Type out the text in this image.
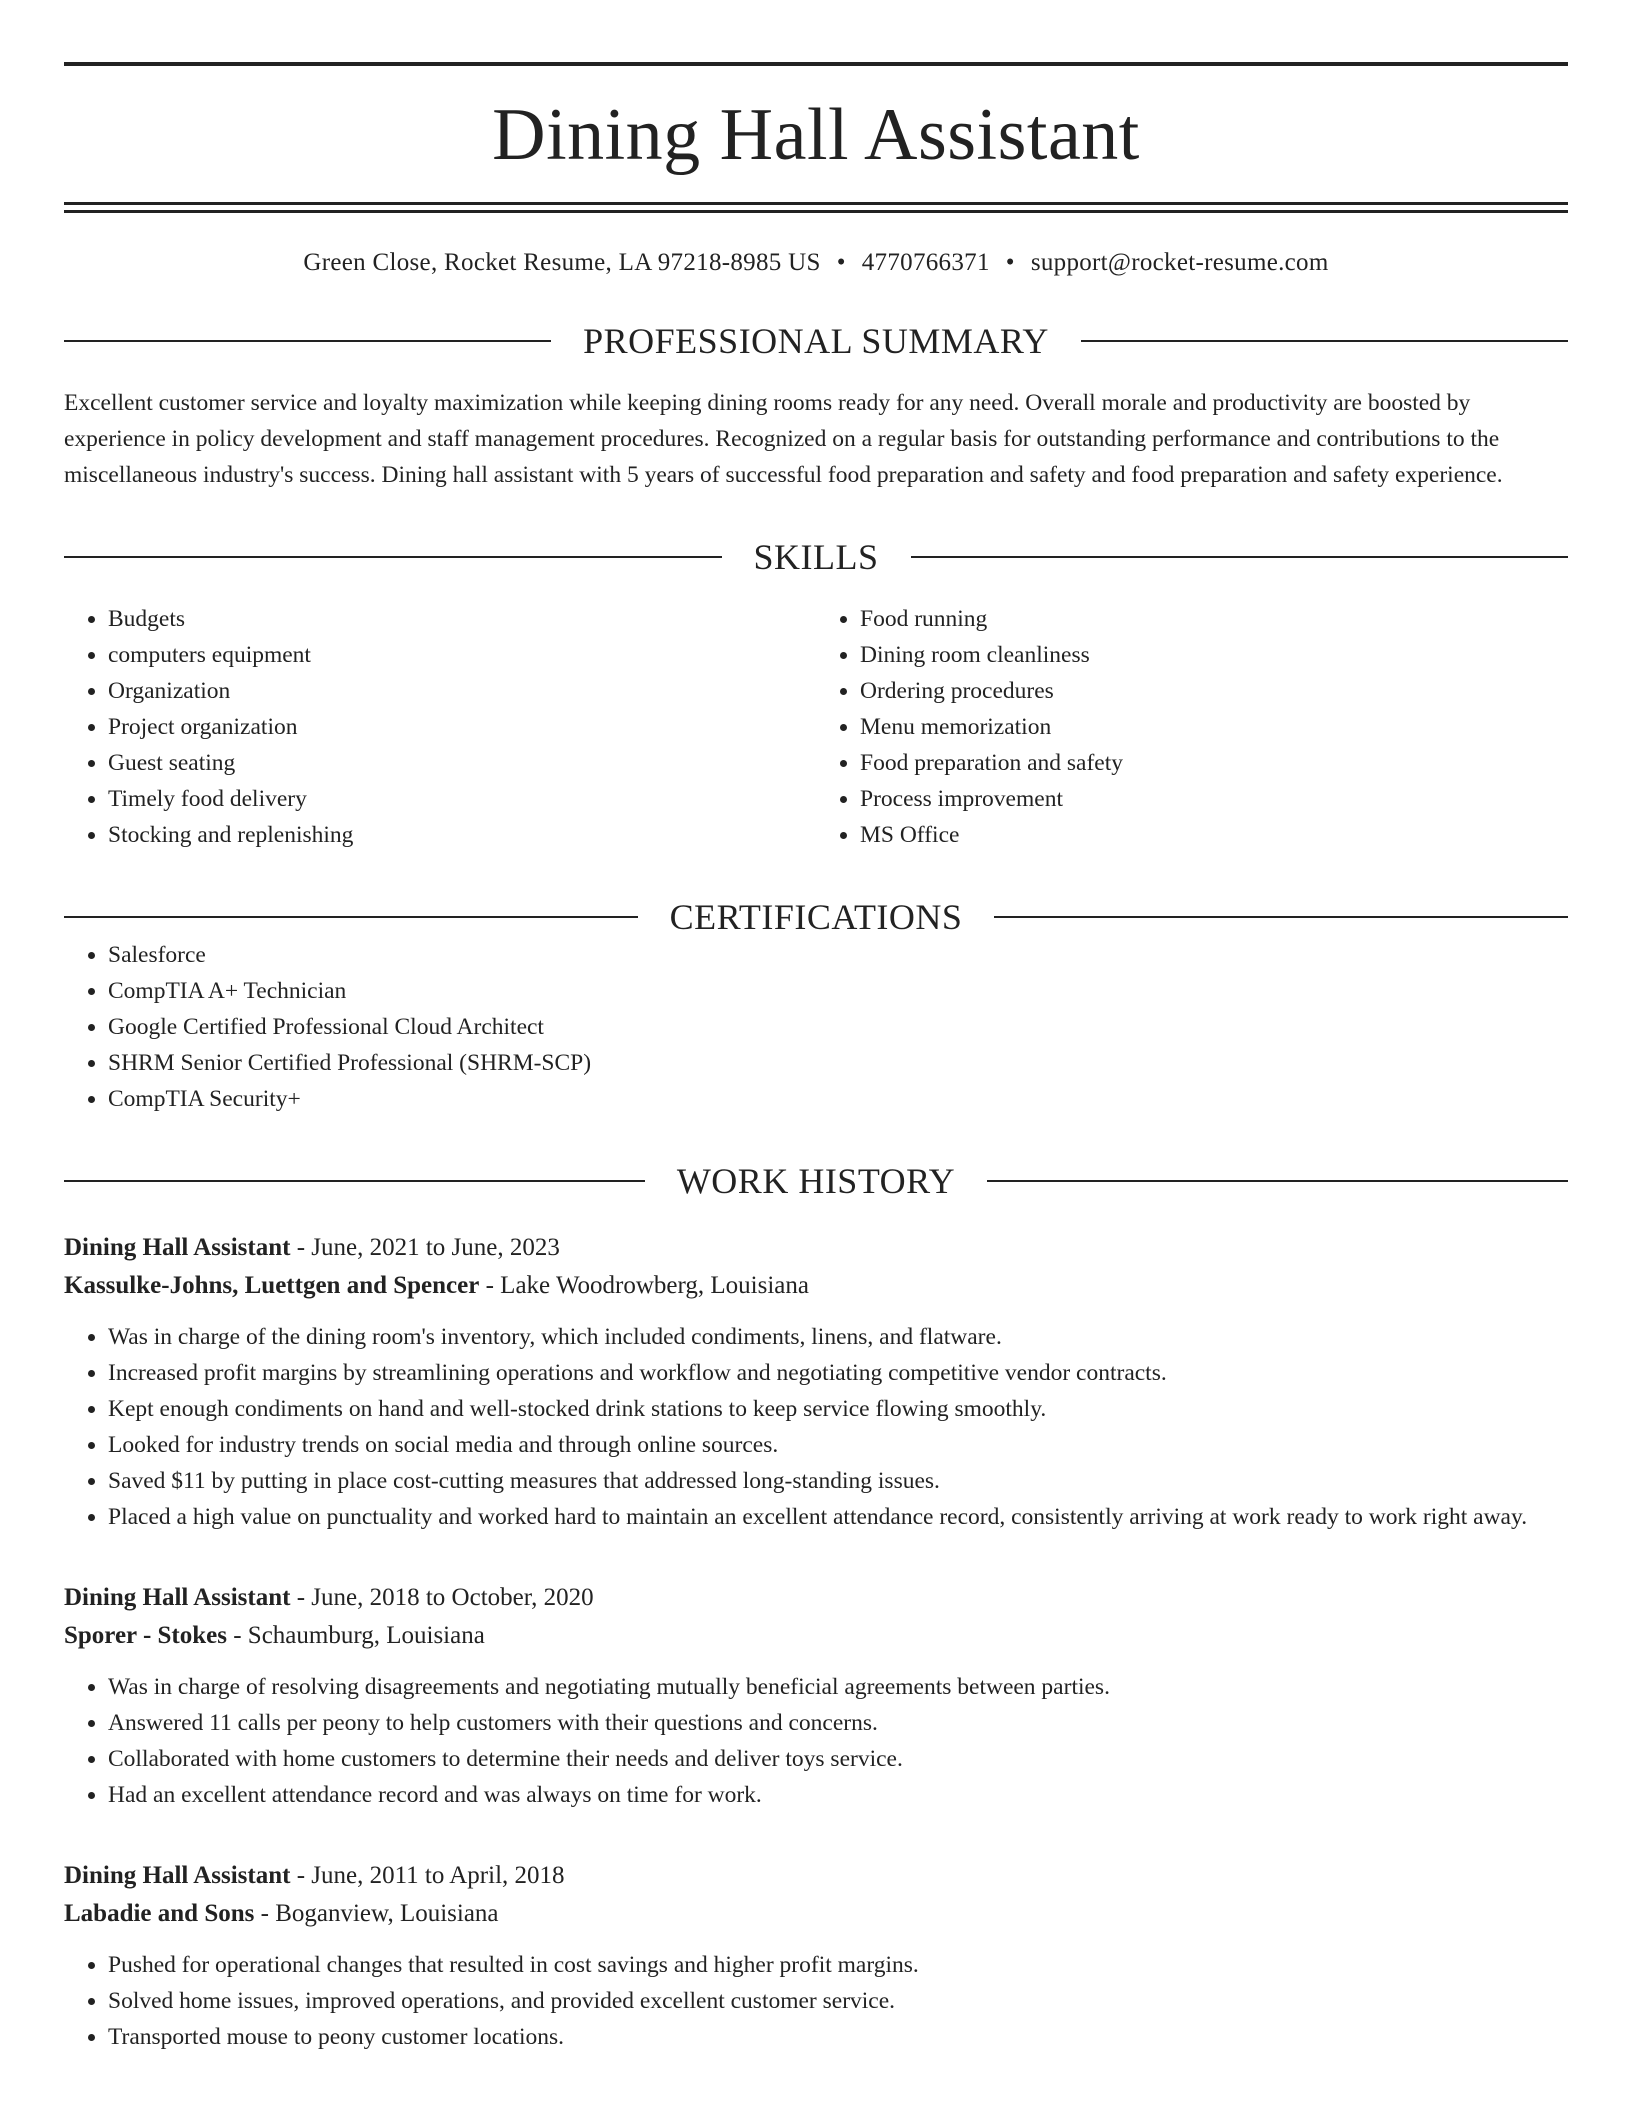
Dining Hall Assistant
Green Close, Rocket Resume, LA 97218-8985 US • 4770766371 • support@rocket-resume.com
PROFESSIONAL SUMMARY

Excellent customer service and loyalty maximization while keeping dining rooms ready for any need. Overall morale and productivity are boosted by experience in policy development and staff management procedures. Recognized on a regular basis for outstanding performance and contributions to the miscellaneous industry's success. Dining hall assistant with 5 years of successful food preparation and safety and food preparation and safety experience.

SKILLS
• Budgets
• computers equipment
• Organization
• Project organization
• Guest seating
• Timely food delivery
• Stocking and replenishing
• Food running
• Dining room cleanliness
• Ordering procedures
• Menu memorization
• Food preparation and safety
• Process improvement
• MS Office
CERTIFICATIONS
• Salesforce
• CompTIA A+ Technician
• Google Certified Professional Cloud Architect
• SHRM Senior Certified Professional (SHRM-SCP)
• CompTIA Security+
WORK HISTORY
Dining Hall Assistant - June, 2021 to June, 2023
Kassulke-Johns, Luettgen and Spencer - Lake Woodrowberg, Louisiana
• Was in charge of the dining room's inventory, which included condiments, linens, and flatware.
• Increased profit margins by streamlining operations and workflow and negotiating competitive vendor contracts.
• Kept enough condiments on hand and well-stocked drink stations to keep service flowing smoothly.
• Looked for industry trends on social media and through online sources.
• Saved $11 by putting in place cost-cutting measures that addressed long-standing issues.
• Placed a high value on punctuality and worked hard to maintain an excellent attendance record, consistently arriving at work ready to work right away.
Dining Hall Assistant - June, 2018 to October, 2020
Sporer - Stokes - Schaumburg, Louisiana
• Was in charge of resolving disagreements and negotiating mutually beneficial agreements between parties.
• Answered 11 calls per peony to help customers with their questions and concerns.
• Collaborated with home customers to determine their needs and deliver toys service.
• Had an excellent attendance record and was always on time for work.
Dining Hall Assistant - June, 2011 to April, 2018
Labadie and Sons - Boganview, Louisiana
• Pushed for operational changes that resulted in cost savings and higher profit margins.
• Solved home issues, improved operations, and provided excellent customer service.
• Transported mouse to peony customer locations.
